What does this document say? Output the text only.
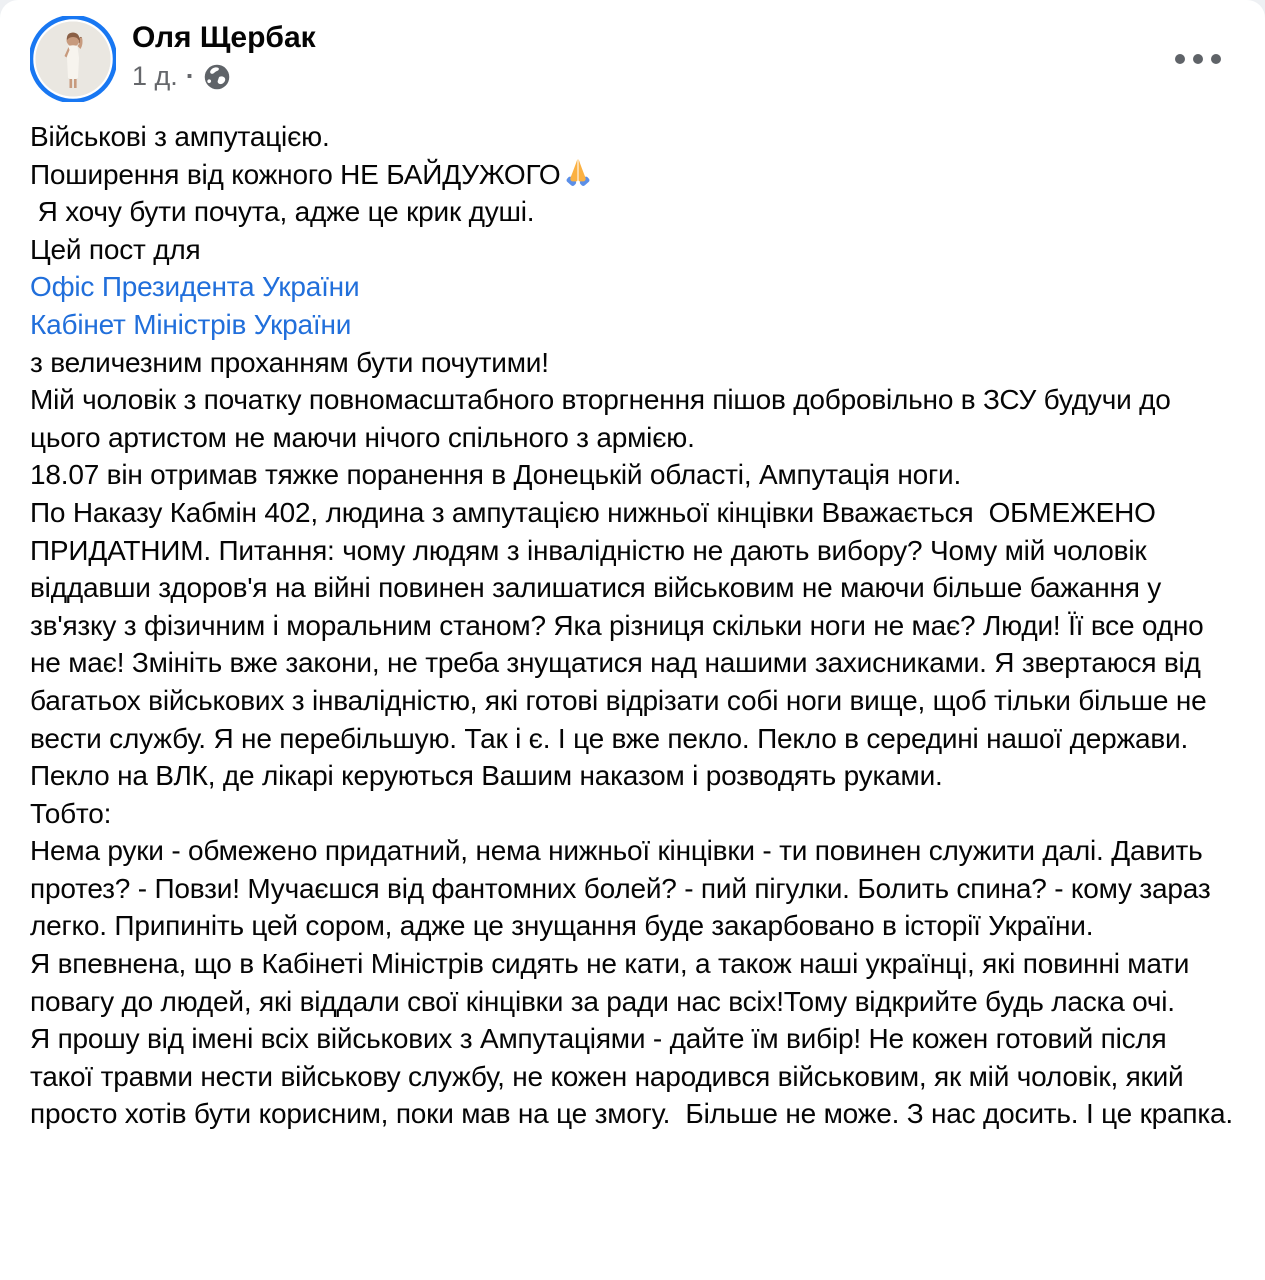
Оля Щербак
1 д. ·
Військові з ампутацією.
Поширення від кожного НЕ БАЙДУЖОГО
Я хочу бути почута, адже це крик душі.
Цей пост для
Офіс Президента України
Кабінет Міністрів України
з величезним проханням бути почутими!
Мій чоловік з початку повномасштабного вторгнення пішов добровільно в ЗСУ будучи до цього артистом не маючи нічого спільного з армією.
18.07 він отримав тяжке поранення в Донецькій області, Ампутація ноги.
По Наказу Кабмін 402, людина з ампутацією нижньої кінцівки Вважається  ОБМЕЖЕНО ПРИДАТНИМ. Питання: чому людям з інвалідністю не дають вибору? Чому мій чоловік віддавши здоров'я на війні повинен залишатися військовим не маючи більше бажання у зв'язку з фізичним і моральним станом? Яка різниця скільки ноги не має? Люди! Її все одно не має! Змініть вже закони, не треба знущатися над нашими захисниками. Я звертаюся від багатьох військових з інвалідністю, які готові відрізати собі ноги вище, щоб тільки більше не вести службу. Я не перебільшую. Так і є. І це вже пекло. Пекло в середині нашої держави. Пекло на ВЛК, де лікарі керуються Вашим наказом і розводять руками.
Тобто:
Нема руки - обмежено придатний, нема нижньої кінцівки - ти повинен служити далі. Давить протез? - Повзи! Мучаєшся від фантомних болей? - пий пігулки. Болить спина? - кому зараз легко. Припиніть цей сором, адже це знущання буде закарбовано в історії України.
Я впевнена, що в Кабінеті Міністрів сидять не кати, а також наші українці, які повинні мати повагу до людей, які віддали свої кінцівки за ради нас всіх!Тому відкрийте будь ласка очі.
Я прошу від імені всіх військових з Ампутаціями - дайте їм вибір! Не кожен готовий після такої травми нести військову службу, не кожен народився військовим, як мій чоловік, який просто хотів бути корисним, поки мав на це змогу.  Більше не може. З нас досить. І це крапка.
